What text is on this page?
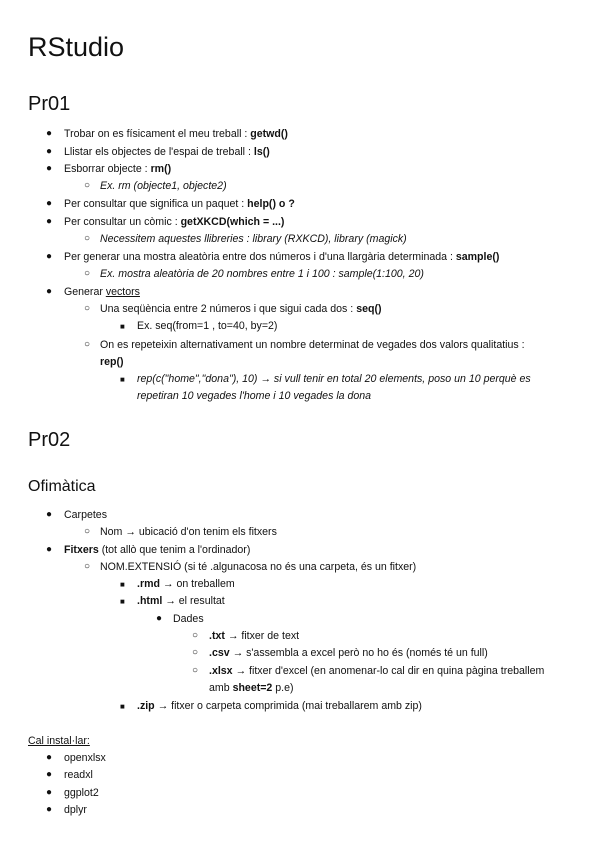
RStudio
Pr01
● Trobar on es físicament el meu treball : getwd()
● Llistar els objectes de l'espai de treball : ls()
● Esborrar objecte : rm()
○ Ex. rm (objecte1, objecte2)
● Per consultar que significa un paquet : help() o ?
● Per consultar un còmic : getXKCD(which = ...)
○ Necessitem aquestes llibreries : library (RXKCD), library (magick)
● Per generar una mostra aleatòria entre dos números i d'una llargària determinada : sample()
○ Ex. mostra aleatòria de 20 nombres entre 1 i 100 : sample(1:100, 20)
● Generar vectors
○ Una seqüència entre 2 números i que sigui cada dos : seq()
■ Ex. seq(from=1 , to=40, by=2)
○ On es repeteixin alternativament un nombre determinat de vegades dos valors qualitatius :
rep()
■ rep(c("home","dona"), 10) → si vull tenir en total 20 elements, poso un 10 perquè es
repetiran 10 vegades l'home i 10 vegades la dona
Pr02
Ofimàtica
● Carpetes
○ Nom → ubicació d'on tenim els fitxers
● Fitxers (tot allò que tenim a l'ordinador)
○ NOM.EXTENSIÓ (si té .algunacosa no és una carpeta, és un fitxer)
■ .rmd → on treballem
■ .html → el resultat
● Dades
○ .txt → fitxer de text
○ .csv → s'assembla a excel però no ho és (només té un full)
○ .xlsx → fitxer d'excel (en anomenar-lo cal dir en quina pàgina treballem
amb sheet=2 p.e)
■ .zip → fitxer o carpeta comprimida (mai treballarem amb zip)
Cal instal·lar:
● openxlsx
● readxl
● ggplot2
● dplyr
